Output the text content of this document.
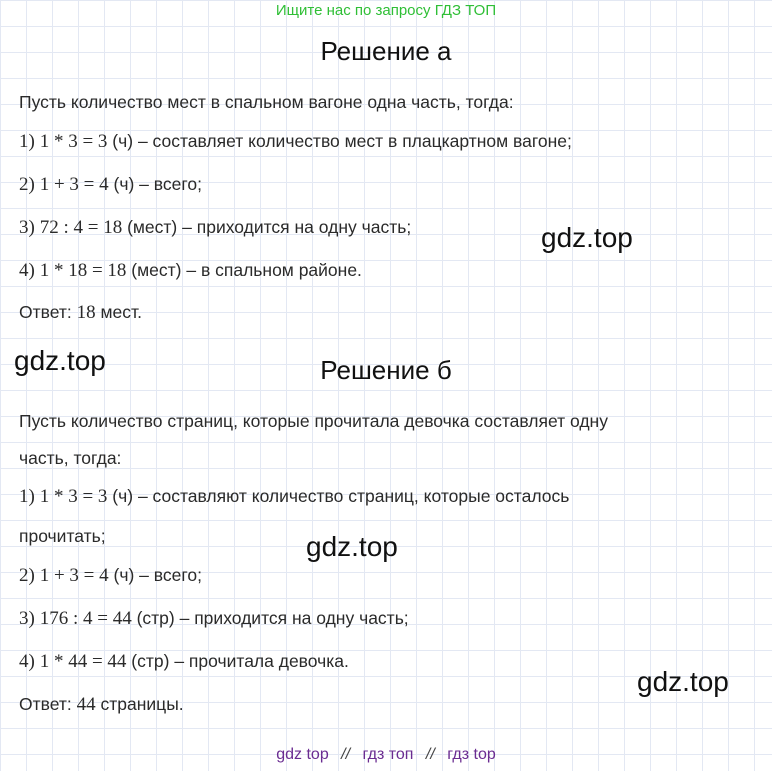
Ищите нас по запросу ГДЗ ТОП
Решение а
Пусть количество мест в спальном вагоне одна часть, тогда:
1) 1 * 3 = 3 (ч) – составляет количество мест в плацкартном вагоне;
2) 1 + 3 = 4 (ч) – всего;
3) 72 : 4 = 18 (мест) – приходится на одну часть;
4) 1 * 18 = 18 (мест) – в спальном районе.
Ответ: 18 мест.
Решение б
Пусть количество страниц, которые прочитала девочка составляет одну
часть, тогда:
1) 1 * 3 = 3 (ч) – составляют количество страниц, которые осталось
прочитать;
2) 1 + 3 = 4 (ч) – всего;
3) 176 : 4 = 44 (стр) – приходится на одну часть;
4) 1 * 44 = 44 (стр) – прочитала девочка.
Ответ: 44 страницы.
gdz.top
gdz.top
gdz.top
gdz.top
gdz top // гдз топ // гдз top
